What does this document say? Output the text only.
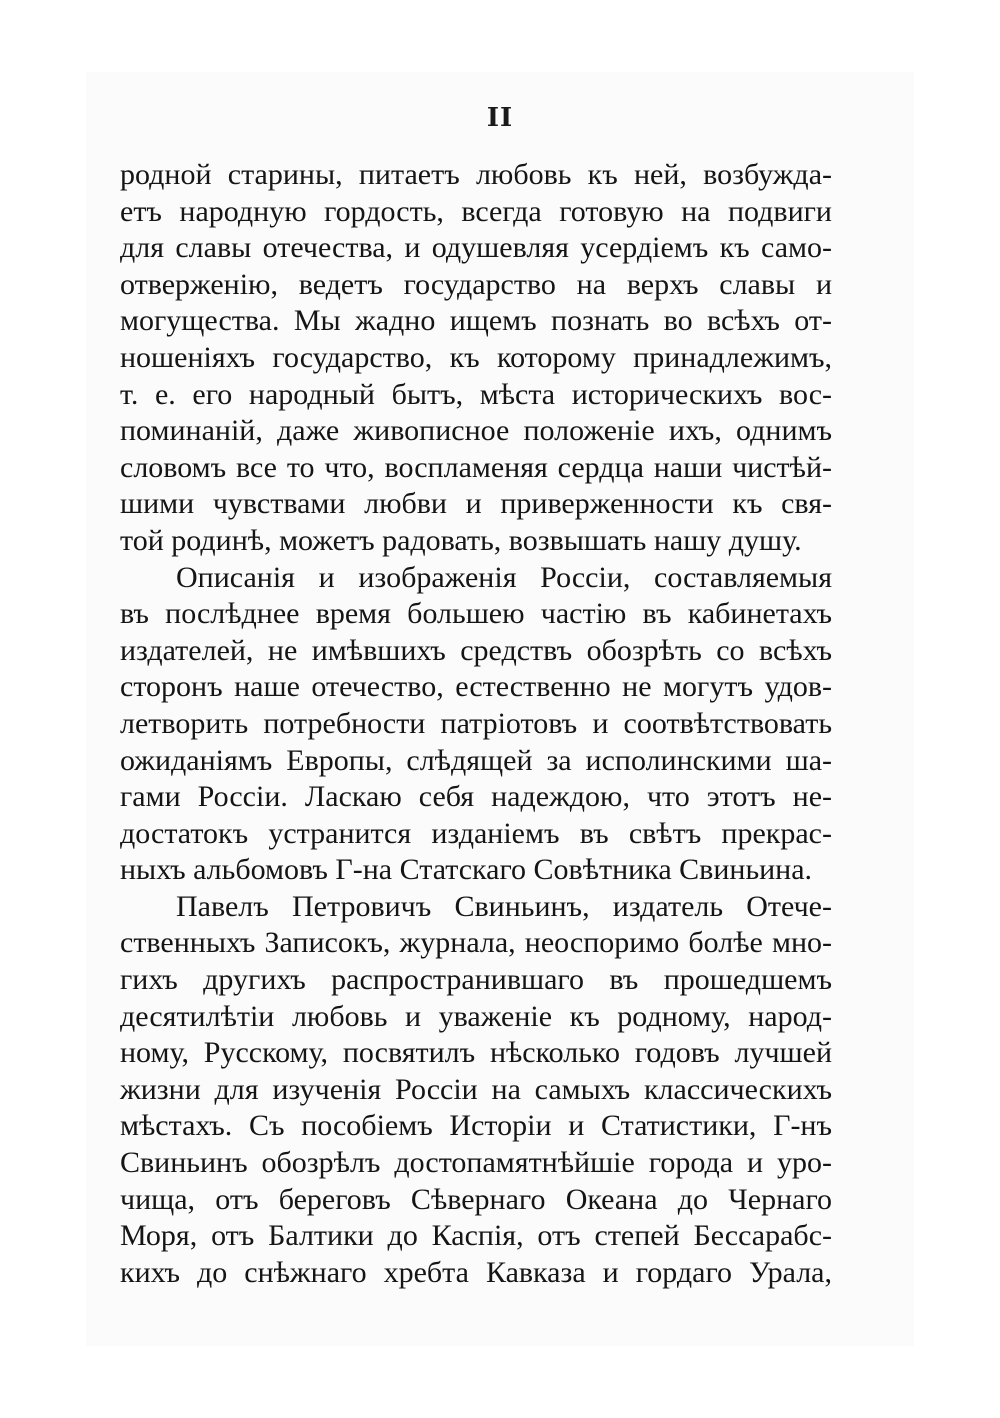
II
родной старины, питаетъ любовь къ ней, возбужда-
етъ народную гордость, всегда готовую на подвиги
для славы отечества, и одушевляя усердіемъ къ само-
отверженію, ведетъ государство на верхъ славы и
могущества. Мы жадно ищемъ познать во всѣхъ от-
ношеніяхъ государство, къ которому принадлежимъ,
т. е. его народный бытъ, мѣста историческихъ вос-
поминаній, даже живописное положеніе ихъ, однимъ
словомъ все то что, воспламеняя сердца наши чистѣй-
шими чувствами любви и приверженности къ свя-
той родинѣ, можетъ радовать, возвышать нашу душу.
Описанія и изображенія Россіи, составляемыя
въ послѣднее время большею частію въ кабинетахъ
издателей, не имѣвшихъ средствъ обозрѣть со всѣхъ
сторонъ наше отечество, естественно не могутъ удов-
летворить потребности патріотовъ и соотвѣтствовать
ожиданіямъ Европы, слѣдящей за исполинскими ша-
гами Россіи. Ласкаю себя надеждою, что этотъ не-
достатокъ устранится изданіемъ въ свѣтъ прекрас-
ныхъ альбомовъ Г-на Статскаго Совѣтника Свиньина.
Павелъ Петровичъ Свиньинъ, издатель Отече-
ственныхъ Записокъ, журнала, неоспоримо болѣе мно-
гихъ другихъ распространившаго въ прошедшемъ
десятилѣтіи любовь и уваженіе къ родному, народ-
ному, Русскому, посвятилъ нѣсколько годовъ лучшей
жизни для изученія Россіи на самыхъ классическихъ
мѣстахъ. Съ пособіемъ Исторіи и Статистики, Г-нъ
Свиньинъ обозрѣлъ достопамятнѣйшіе города и уро-
чища, отъ береговъ Сѣвернаго Океана до Чернаго
Моря, отъ Балтики до Каспія, отъ степей Бессарабс-
кихъ до снѣжнаго хребта Кавказа и гордаго Урала,
